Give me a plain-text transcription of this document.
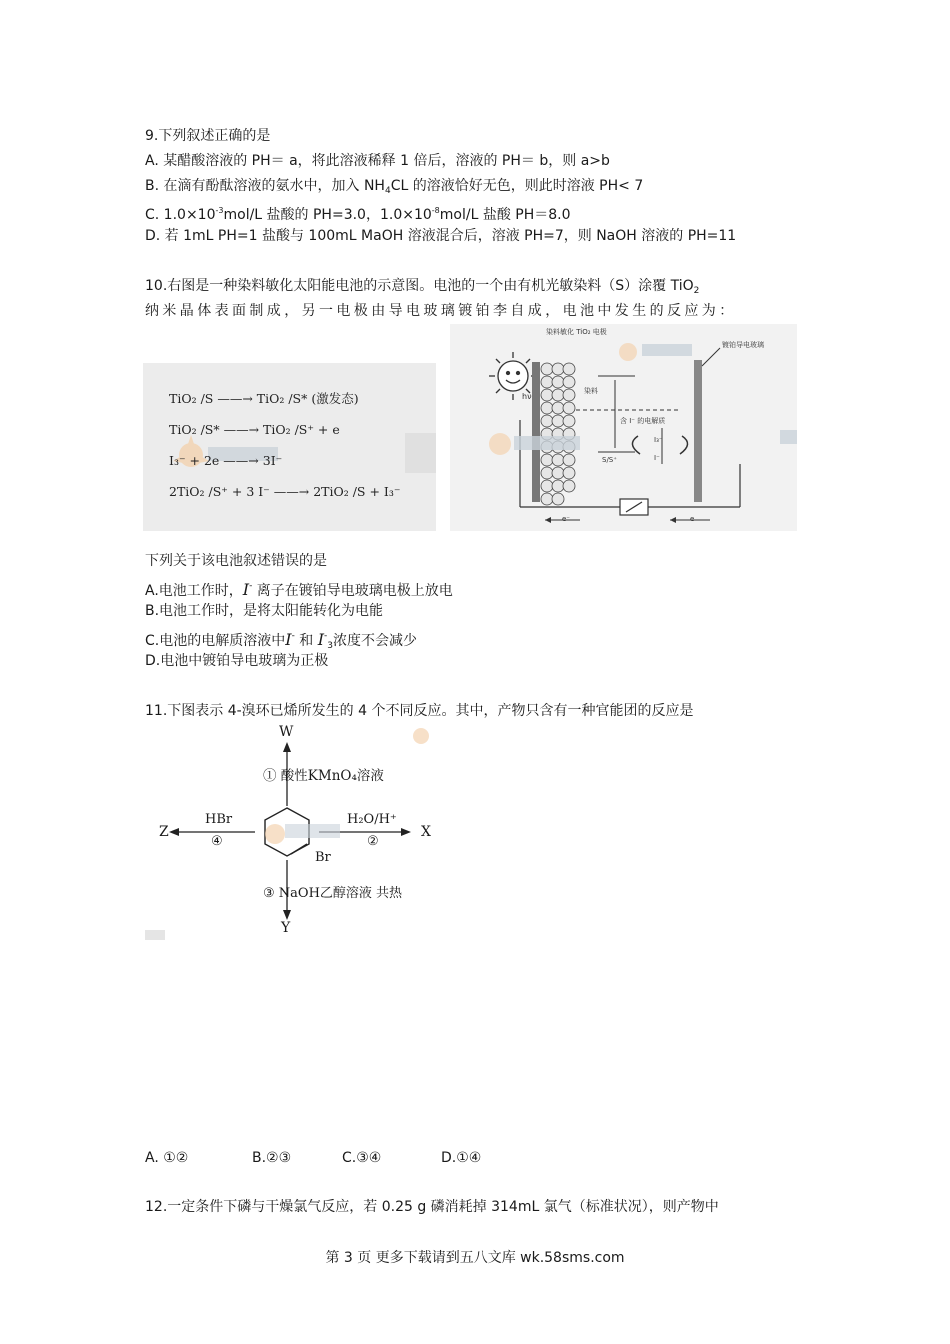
9.下列叙述正确的是
A. 某醋酸溶液的 PH＝ a，将此溶液稀释 1 倍后，溶液的 PH＝ b，则 a>b
B. 在滴有酚酞溶液的氨水中，加入 $NH_4CL$ 的溶液恰好无色，则此时溶液 PH< 7
C. $1.0\times 10^{-3}mol/L$ 盐酸的 PH=3.0，$1.0\times 10^{-8}mol/L$ 盐酸 PH＝8.0
D. 若 1mL PH=1 盐酸与 100mL MaOH 溶液混合后，溶液 PH=7，则 NaOH 溶液的 PH=11
10.右图是一种染料敏化太阳能电池的示意图。电池的一个由有机光敏染料（S）涂覆 TiO$_2$
纳米晶体表面制成，另一电极由导电玻璃镀铂李自成，电池中发生的反应为：
TiO₂ /S ——→ TiO₂ /S* (激发态)
TiO₂ /S* ——→ TiO₂ /S⁺ + e
I₃⁻ + 2e ——→ 3I⁻
2TiO₂ /S⁺ + 3 I⁻ ——→ 2TiO₂ /S + I₃⁻
染料敏化 TiO₂ 电极
镀铂导电玻璃
染料
含 I⁻ 的电解质
hν
I₃⁻
I⁻
S/S⁺
e⁻	e
下列关于该电池叙述错误的是
A.电池工作时，I- 离子在镀铂导电玻璃电极上放电
B.电池工作时，是将太阳能转化为电能
C.电池的电解质溶液中I- 和 $I^-_3$浓度不会减少
D.电池中镀铂导电玻璃为正极
11.下图表示 4-溴环已烯所发生的 4 个不同反应。其中，产物只含有一种官能团的反应是
W
① 酸性KMnO₄溶液
Z
HBr
④
H₂O/H⁺
②
X
Br
③ NaOH乙醇溶液 共热
Y
A. ①②	B.②③	C.③④	D.①④
12.一定条件下磷与干燥氯气反应，若 0.25 g 磷消耗掉 314mL 氯气（标准状况），则产物中
第 3 页 更多下载请到五八文库 wk.58sms.com
